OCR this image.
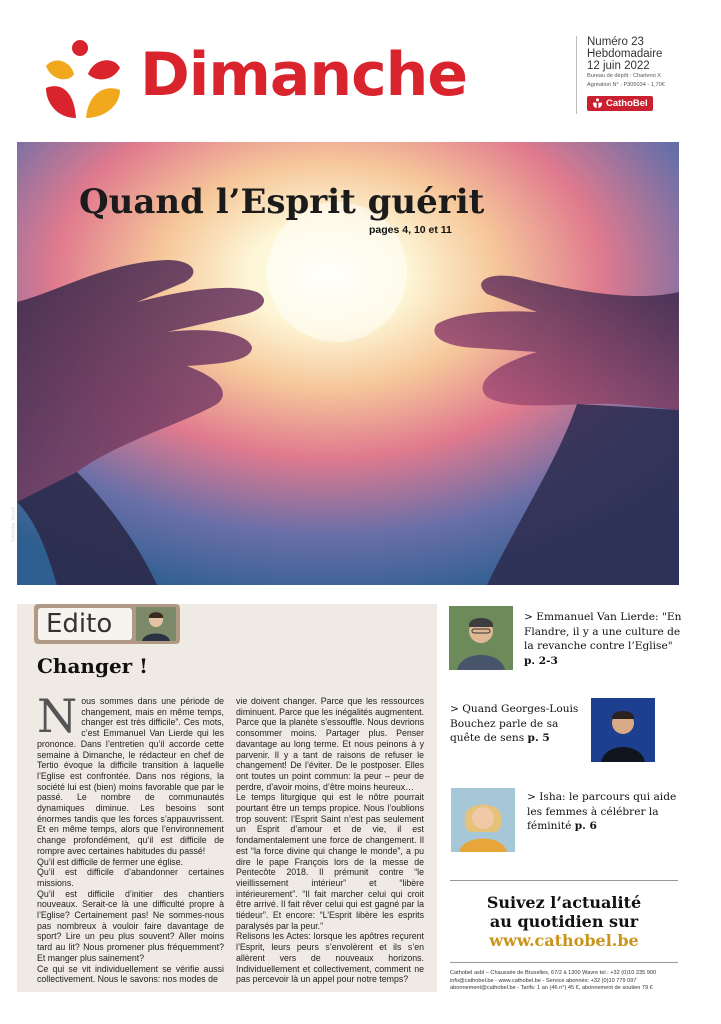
Dimanche	Numéro 23
Hebdomadaire
12 juin 2022
Bureau de dépôt : Charleroi X
Agréation N° : P305034 - 1,70€
CathoBel
Quand l’Esprit guérit
pages 4, 10 et 11
©Adobe Stock
Edito
Changer !
N ous sommes dans une période de changement, mais en même temps, changer est très difficile”. Ces mots, c’est Emmanuel Van Lierde qui les prononce. Dans l’entretien qu’il accorde cette semaine à Dimanche, le rédacteur en chef de Tertio évoque la difficile transition à laquelle l’Eglise est confrontée. Dans nos régions, la société lui est (bien) moins favorable que par le passé. Le nombre de communautés dynamiques diminue. Les besoins sont énormes tandis que les forces s’appauvrissent. Et en même temps, alors que l’environnement change profondément, qu’il est difficile de rompre avec certaines habitudes du passé!

Qu’il est difficile de fermer une église.

Qu’il est difficile d’abandonner certaines missions.

Qu’il est difficile d’initier des chantiers nouveaux. Serait-ce là une difficulté propre à l’Eglise? Certainement pas! Ne sommes-nous pas nombreux à vouloir faire davantage de sport? Lire un peu plus souvent? Aller moins tard au lit? Nous promener plus fréquemment? Et manger plus sainement?

Ce qui se vit individuellement se vérifie aussi collectivement. Nous le savons: nos modes de

vie doivent changer. Parce que les ressources diminuent. Parce que les inégalités augmentent. Parce que la planète s’essouffle. Nous devrions consommer moins. Partager plus. Penser davantage au long terme. Et nous peinons à y parvenir. Il y a tant de raisons de refuser le changement! De l’éviter. De le postposer. Elles ont toutes un point commun: la peur – peur de perdre, d’avoir moins, d’être moins heureux…

Le temps liturgique qui est le nôtre pourrait pourtant être un temps propice. Nous l’oublions trop souvent: l’Esprit Saint n’est pas seulement un Esprit d’amour et de vie, il est fondamentalement une force de changement. Il est “la force divine qui change le monde”, a pu dire le pape François lors de la messe de Pentecôte 2018. Il prémunit contre “le vieillissement intérieur” et “libère intérieurement”. “Il fait marcher celui qui croit être arrivé. Il fait rêver celui qui est gagné par la tiédeur”. Et encore: “L’Esprit libère les esprits paralysés par la peur.”

Relisons les Actes: lorsque les apôtres reçurent l’Esprit, leurs peurs s’envolèrent et ils s’en allèrent vers de nouveaux horizons. Individuellement et collectivement, comment ne pas percevoir là un appel pour notre temps?

> Emmanuel Van Lierde: "En Flandre, il y a une culture de la revanche contre l’Eglise" p. 2-3
> Quand Georges-Louis Bouchez parle de sa quête de sens p. 5
> Isha: le parcours qui aide les femmes à célébrer la féminité p. 6
Suivez l’actualité
au quotidien sur
www.cathobel.be
Cathobel asbl – Chaussée de Bruxelles, 67/2 à 1300 Wavre tel.: +32 (0)10 235 900
info@cathobel.be - www.cathobel.be - Service abonnés: +32 (0)10 779 097
abonnement@cathobel.be - Tarifs: 1 an (46 n°) 45 €, abonnement de soutien 79 €
